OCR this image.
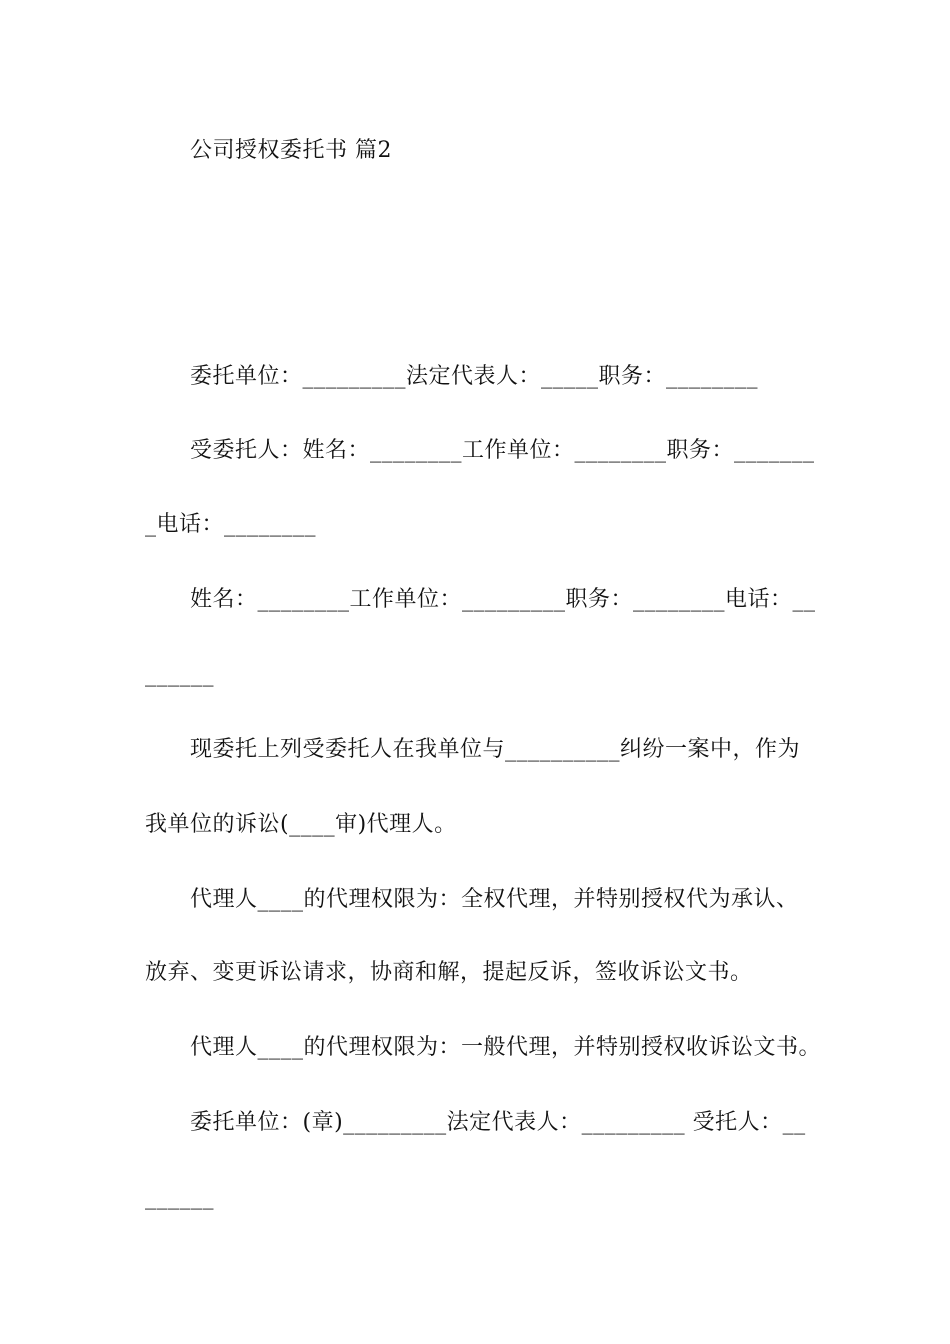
公司授权委托书 篇2
委托单位：_________法定代表人：_____职务：________
受委托人：姓名：________工作单位：________职务：_______
_电话：________
姓名：________工作单位：_________职务：________电话：__
______
现委托上列受委托人在我单位与__________纠纷一案中，作为
我单位的诉讼(____审)代理人。
代理人____的代理权限为：全权代理，并特别授权代为承认、
放弃、变更诉讼请求，协商和解，提起反诉，签收诉讼文书。
代理人____的代理权限为：一般代理，并特别授权收诉讼文书。
委托单位：(章)_________法定代表人：_________ 受托人：__
______
